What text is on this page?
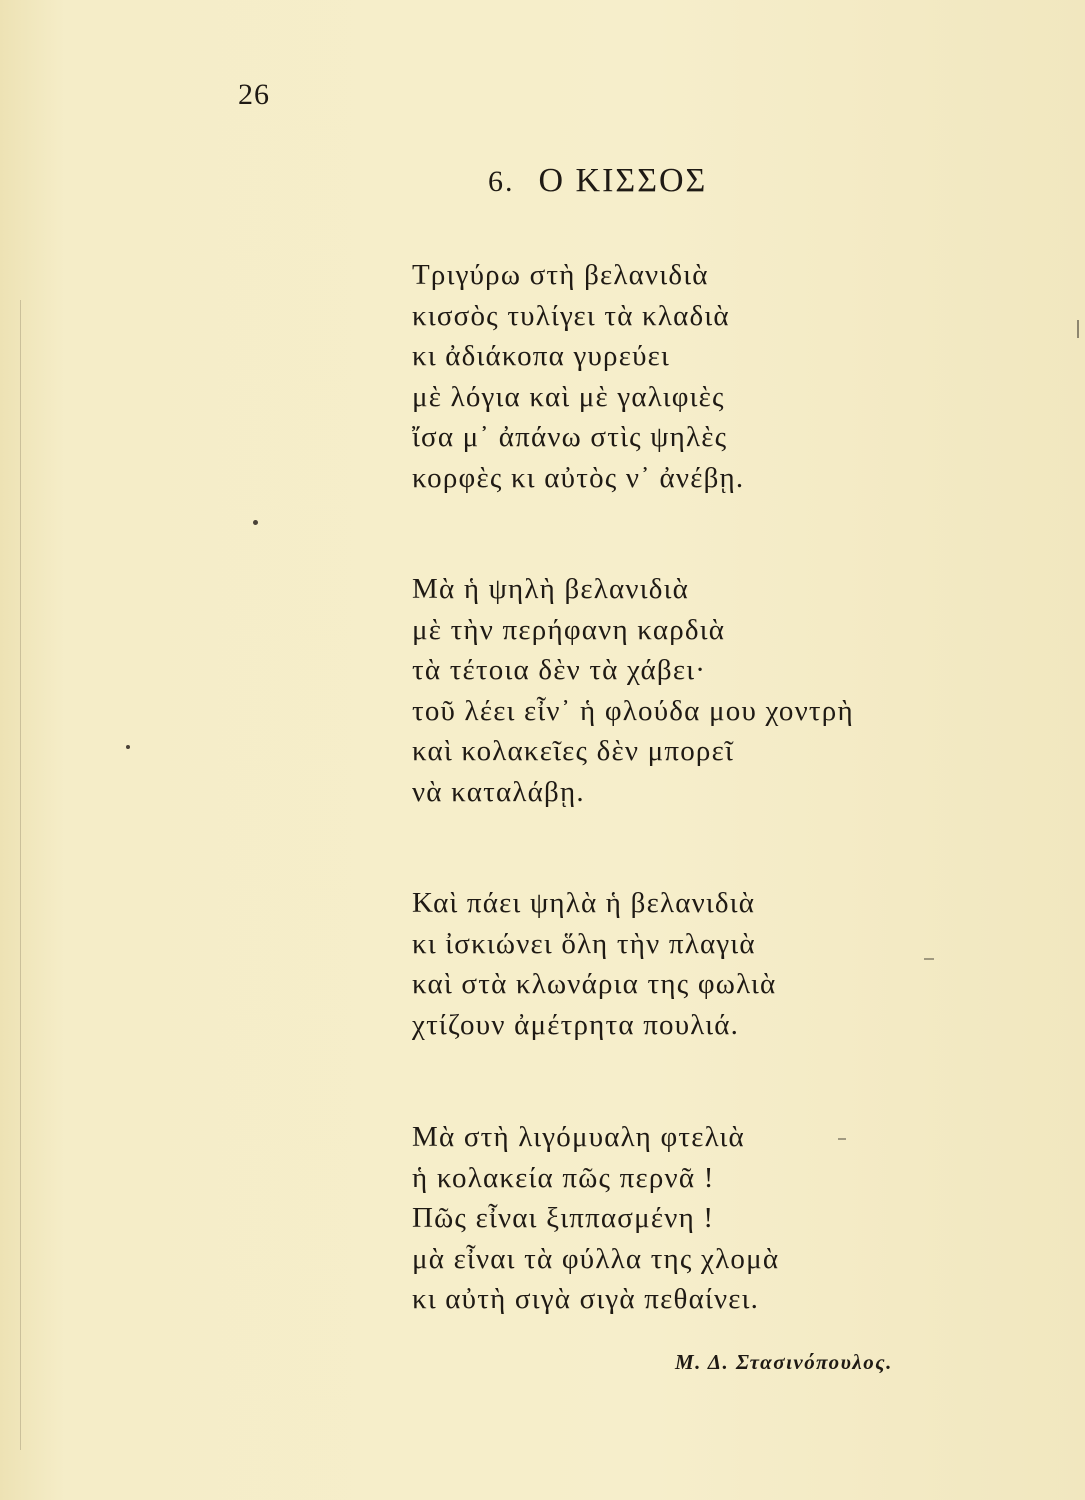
26
6. Ο ΚΙΣΣΟΣ
Τριγύρω στὴ βελανιδιὰ
κισσὸς τυλίγει τὰ κλαδιὰ
κι ἀδιάκοπα γυρεύει
μὲ λόγια καὶ μὲ γαλιφιὲς
ἴσα μ᾽ ἀπάνω στὶς ψηλὲς
κορφὲς κι αὐτὸς ν᾽ ἀνέβῃ.
Μὰ ἡ ψηλὴ βελανιδιὰ
μὲ τὴν περήφανη καρδιὰ
τὰ τέτοια δὲν τὰ χάβει·
τοῦ λέει εἶν᾽ ἡ φλούδα μου χοντρὴ
καὶ κολακεῖες δὲν μπορεῖ
νὰ καταλάβῃ.
Καὶ πάει ψηλὰ ἡ βελανιδιὰ
κι ἰσκιώνει ὅλη τὴν πλαγιὰ
καὶ στὰ κλωνάρια της φωλιὰ
χτίζουν ἀμέτρητα πουλιά.
Μὰ στὴ λιγόμυαλη φτελιὰ
ἡ κολακεία πῶς περνᾶ !
Πῶς εἶναι ξιππασμένη !
μὰ εἶναι τὰ φύλλα της χλομὰ
κι αὐτὴ σιγὰ σιγὰ πεθαίνει.
Μ. Δ. Στασινόπουλος.
